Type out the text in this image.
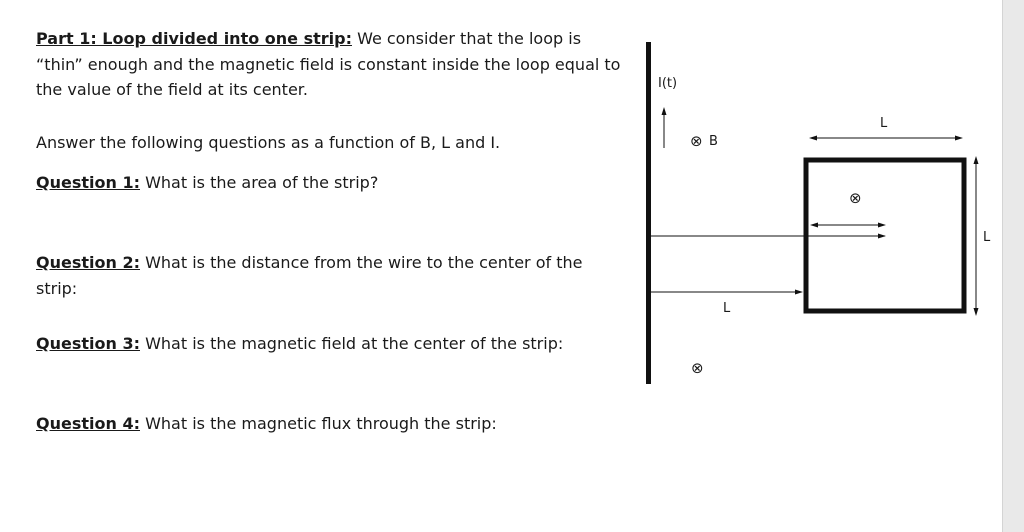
Part 1: Loop divided into one strip: We consider that the loop is “thin” enough and the magnetic field is constant inside the loop equal to the value of the field at its center.
Answer the following questions as a function of B, L and I.
Question 1: What is the area of the strip?
Question 2: What is the distance from the wire to the center of the strip:
Question 3: What is the magnetic field at the center of the strip:
Question 4: What is the magnetic flux through the strip:
I(t)
⊗ B
⊗
L
⊗
L
L
